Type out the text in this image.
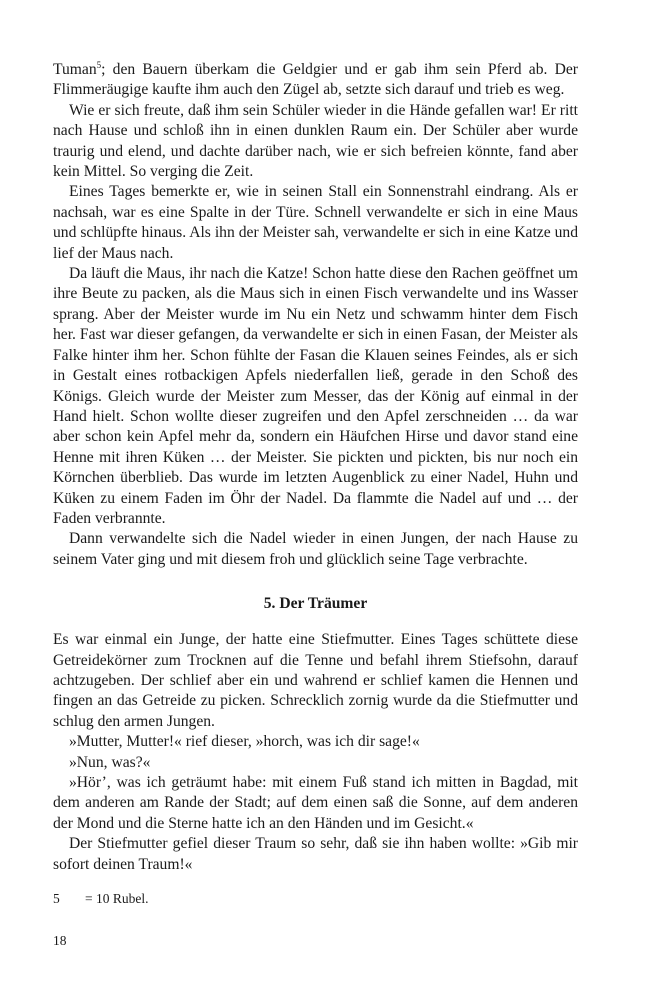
Tuman$^5$; den Bauern überkam die Geldgier und er gab ihm sein Pferd ab. Der Flimmeräugige kaufte ihm auch den Zügel ab, setzte sich darauf und trieb es weg.

Wie er sich freute, daß ihm sein Schüler wieder in die Hände gefallen war! Er ritt nach Hause und schloß ihn in einen dunklen Raum ein. Der Schüler aber wurde traurig und elend, und dachte darüber nach, wie er sich befreien könnte, fand aber kein Mittel. So verging die Zeit.

Eines Tages bemerkte er, wie in seinen Stall ein Sonnenstrahl eindrang. Als er nachsah, war es eine Spalte in der Türe. Schnell verwandelte er sich in eine Maus und schlüpfte hinaus. Als ihn der Meister sah, verwandelte er sich in eine Katze und lief der Maus nach.

Da läuft die Maus, ihr nach die Katze! Schon hatte diese den Rachen geöffnet um ihre Beute zu packen, als die Maus sich in einen Fisch verwandelte und ins Wasser sprang. Aber der Meister wurde im Nu ein Netz und schwamm hinter dem Fisch her. Fast war dieser gefangen, da verwandelte er sich in einen Fasan, der Meister als Falke hinter ihm her. Schon fühlte der Fasan die Klauen seines Feindes, als er sich in Gestalt eines rotbackigen Apfels niederfallen ließ, gerade in den Schoß des Königs. Gleich wurde der Meister zum Messer, das der König auf einmal in der Hand hielt. Schon wollte dieser zugreifen und den Apfel zerschneiden … da war aber schon kein Apfel mehr da, sondern ein Häufchen Hirse und davor stand eine Henne mit ihren Küken … der Meister. Sie pickten und pickten, bis nur noch ein Körnchen überblieb. Das wurde im letzten Augenblick zu einer Nadel, Huhn und Küken zu einem Faden im Öhr der Nadel. Da flammte die Nadel auf und … der Faden verbrannte.

Dann verwandelte sich die Nadel wieder in einen Jungen, der nach Hause zu seinem Vater ging und mit diesem froh und glücklich seine Tage verbrachte.

5. Der Träumer

Es war einmal ein Junge, der hatte eine Stiefmutter. Eines Tages schüttete diese Getreidekörner zum Trocknen auf die Tenne und befahl ihrem Stiefsohn, darauf achtzugeben. Der schlief aber ein und wahrend er schlief kamen die Hennen und fingen an das Getreide zu picken. Schrecklich zornig wurde da die Stiefmutter und schlug den armen Jungen.

»Mutter, Mutter!« rief dieser, »horch, was ich dir sage!«

»Nun, was?«

»Hör’, was ich geträumt habe: mit einem Fuß stand ich mitten in Bagdad, mit dem anderen am Rande der Stadt; auf dem einen saß die Sonne, auf dem anderen der Mond und die Sterne hatte ich an den Händen und im Gesicht.«

Der Stiefmutter gefiel dieser Traum so sehr, daß sie ihn haben wollte: »Gib mir sofort deinen Traum!«

5 = 10 Rubel.
18
